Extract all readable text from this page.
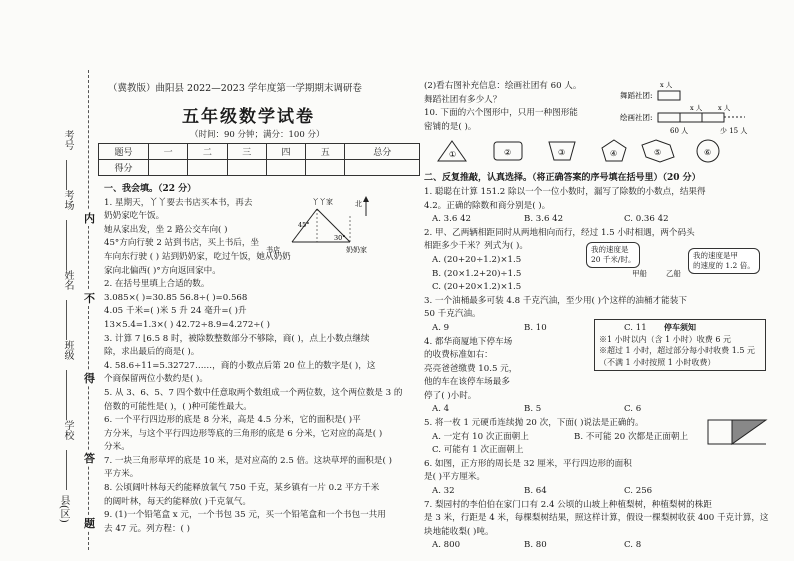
考号
考场
姓名
班级
学校
县(区)
内
不
得
答
题
（冀教版）曲阳县 2022—2023 学年度第一学期期末调研卷
五年级数学试卷
（时间：90 分钟；满分：100 分）
题号	一	二	三	四	五	总分
得分						
一、我会填。（22 分）
1. 星期天，丫丫要去书店买本书，再去
奶奶家吃午饭。
她从家出发，坐 2 路公交车向( )
45°方向行驶 2 站到书店，买上书后，坐
车向东行驶 ( ) 站到奶奶家，吃过午饭，她从奶奶
家向北偏西( )°方向返回家中。
2. 在括号里填上合适的数。
3.085×( )=30.85 56.8÷( )=0.568
4.05 千米=( )米 5 升 24 毫升=( )升
13×5.4=1.3×( ) 42.72÷8.9=4.272÷( )
3. 计算 7 ⌊6.5 8 时，被除数整数部分不够除，商( )，点上小数点继续
除，求出最后的商是( )。
4. 58.6÷11=5.32727……，商的小数点后第 20 位上的数字是( )，这
个商保留两位小数约是( )。
5. 从 3、6、5、7 四个数中任意取两个数组成一个两位数，这个两位数是 3 的
倍数的可能性是( )，( )种可能性最大。
6. 一个平行四边形的底是 8 分米，高是 4.5 分米，它的面积是( )平
方分米，与这个平行四边形等底的三角形的底是 6 分米，它对应的高是( )
分米。
7. 一块三角形草坪的底是 10 米，是对应高的 2.5 倍。这块草坪的面积是( )
平方米。
8. 公顷阔叶林每天约能释放氧气 750 千克，某乡镇有一片 0.2 平方千米
的阔叶林，每天约能释放( )千克氧气。
9. (1)一个铅笔盒 x 元，一个书包 35 元，买一个铅笔盒和一个书包一共用
去 47 元。列方程：( )
北
丫丫家
书店	奶奶家
45°
30°
(2)看右图补充信息：绘画社团有 60 人。
舞蹈社团有多少人？
10. 下面的六个图形中，只用一种图形能
密铺的是( )。
①	②	③	④	⑤	⑥
二、反复推敲，认真选择。（将正确答案的序号填在括号里）（20 分）
1. 聪聪在计算 151.2 除以一个一位小数时，漏写了除数的小数点，结果得
4.2。正确的除数和商分别是( )。
A. 3.6 42	B. 3.6 42	C. 0.36 42
2. 甲、乙两辆相距同时从两地相向而行，经过 1.5 小时相遇，两个码头
相距多少千米？列式为( )。
A. (20+20÷1.2)×1.5
B. (20×1.2+20)÷1.5
C. (20+20×1.2)×1.5
3. 一个油桶最多可装 4.8 千克汽油，至少用( )个这样的油桶才能装下
50 千克汽油。
A. 9	B. 10	C. 11
4. 都华商厦地下停车场
的收费标准如右：
亮亮爸爸缴费 10.5 元，
他的车在该停车场最多
停了( )小时。
A. 4	B. 5	C. 6
5. 将一枚 1 元硬币连续抛 20 次，下面( )说法是正确的。
A. 一定有 10 次正面朝上	B. 不可能 20 次都是正面朝上
C. 可能有 1 次正面朝上
6. 如图，正方形的周长是 32 厘米，平行四边形的面积
是( )平方厘米。
A. 32	B. 64	C. 256
7. 梨园村的李伯伯在家门口有 2.4 公顷的山坡上种植梨树，种植梨树的株距
是 3 米，行距是 4 米，每棵梨树结果，照这样计算，假设一棵梨树收获 400 千克计算，这
块地能收梨( )吨。
A. 800	B. 80	C. 8
舞蹈社团:
x 人
绘画社团:
x 人 x 人
60 人	少 15 人
我的速度是
20 千米/时。	我的速度是甲
的速度的 1.2 倍。
甲船	乙船
停车须知
※1 小时以内（含 1 小时）收费 6 元
※超过 1 小时，超过部分每小时收费 1.5 元
（不满 1 小时按照 1 小时收费）
